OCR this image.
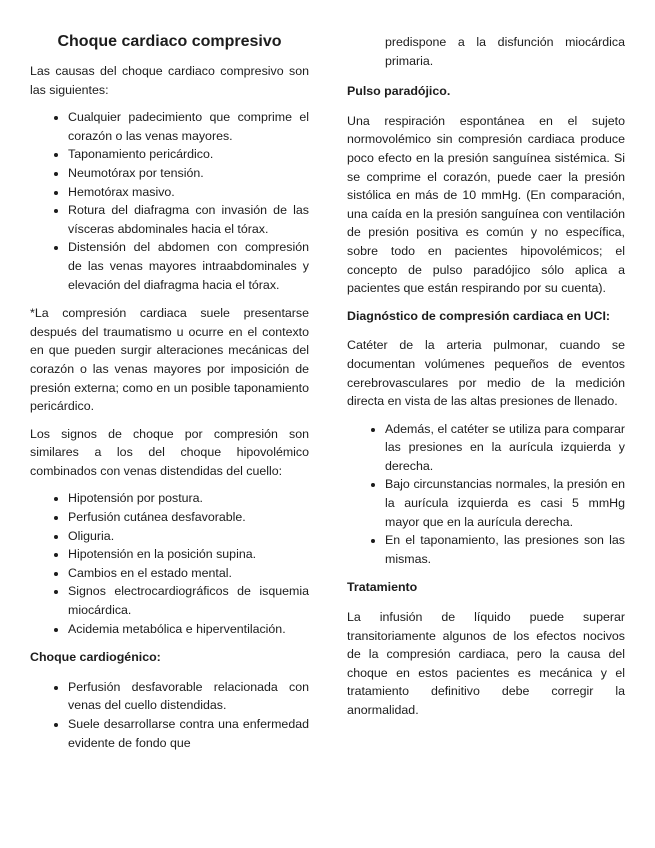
Choque cardiaco compresivo

Las causas del choque cardiaco compresivo son las siguientes:

• Cualquier padecimiento que comprime el corazón o las venas mayores.
• Taponamiento pericárdico.
• Neumotórax por tensión.
• Hemotórax masivo.
• Rotura del diafragma con invasión de las vísceras abdominales hacia el tórax.
• Distensión del abdomen con compresión de las venas mayores intraabdominales y elevación del diafragma hacia el tórax.

*La compresión cardiaca suele presentarse después del traumatismo u ocurre en el contexto en que pueden surgir alteraciones mecánicas del corazón o las venas mayores por imposición de presión externa; como en un posible taponamiento pericárdico.

Los signos de choque por compresión son similares a los del choque hipovolémico combinados con venas distendidas del cuello:

• Hipotensión por postura.
• Perfusión cutánea desfavorable.
• Oliguria.
• Hipotensión en la posición supina.
• Cambios en el estado mental.
• Signos electrocardiográficos de isquemia miocárdica.
• Acidemia metabólica e hiperventilación.
Choque cardiogénico:
• Perfusión desfavorable relacionada con venas del cuello distendidas.
• Suele desarrollarse contra una enfermedad evidente de fondo que

predispone a la disfunción miocárdica primaria.

Pulso paradójico.

Una respiración espontánea en el sujeto normovolémico sin compresión cardiaca produce poco efecto en la presión sanguínea sistémica. Si se comprime el corazón, puede caer la presión sistólica en más de 10 mmHg. (En comparación, una caída en la presión sanguínea con ventilación de presión positiva es común y no específica, sobre todo en pacientes hipovolémicos; el concepto de pulso paradójico sólo aplica a pacientes que están respirando por su cuenta).

Diagnóstico de compresión cardiaca en UCI:

Catéter de la arteria pulmonar, cuando se documentan volúmenes pequeños de eventos cerebrovasculares por medio de la medición directa en vista de las altas presiones de llenado.

• Además, el catéter se utiliza para comparar las presiones en la aurícula izquierda y derecha.
• Bajo circunstancias normales, la presión en la aurícula izquierda es casi 5 mmHg mayor que en la aurícula derecha.
• En el taponamiento, las presiones son las mismas.
Tratamiento

La infusión de líquido puede superar transitoriamente algunos de los efectos nocivos de la compresión cardiaca, pero la causa del choque en estos pacientes es mecánica y el tratamiento definitivo debe corregir la anormalidad.
